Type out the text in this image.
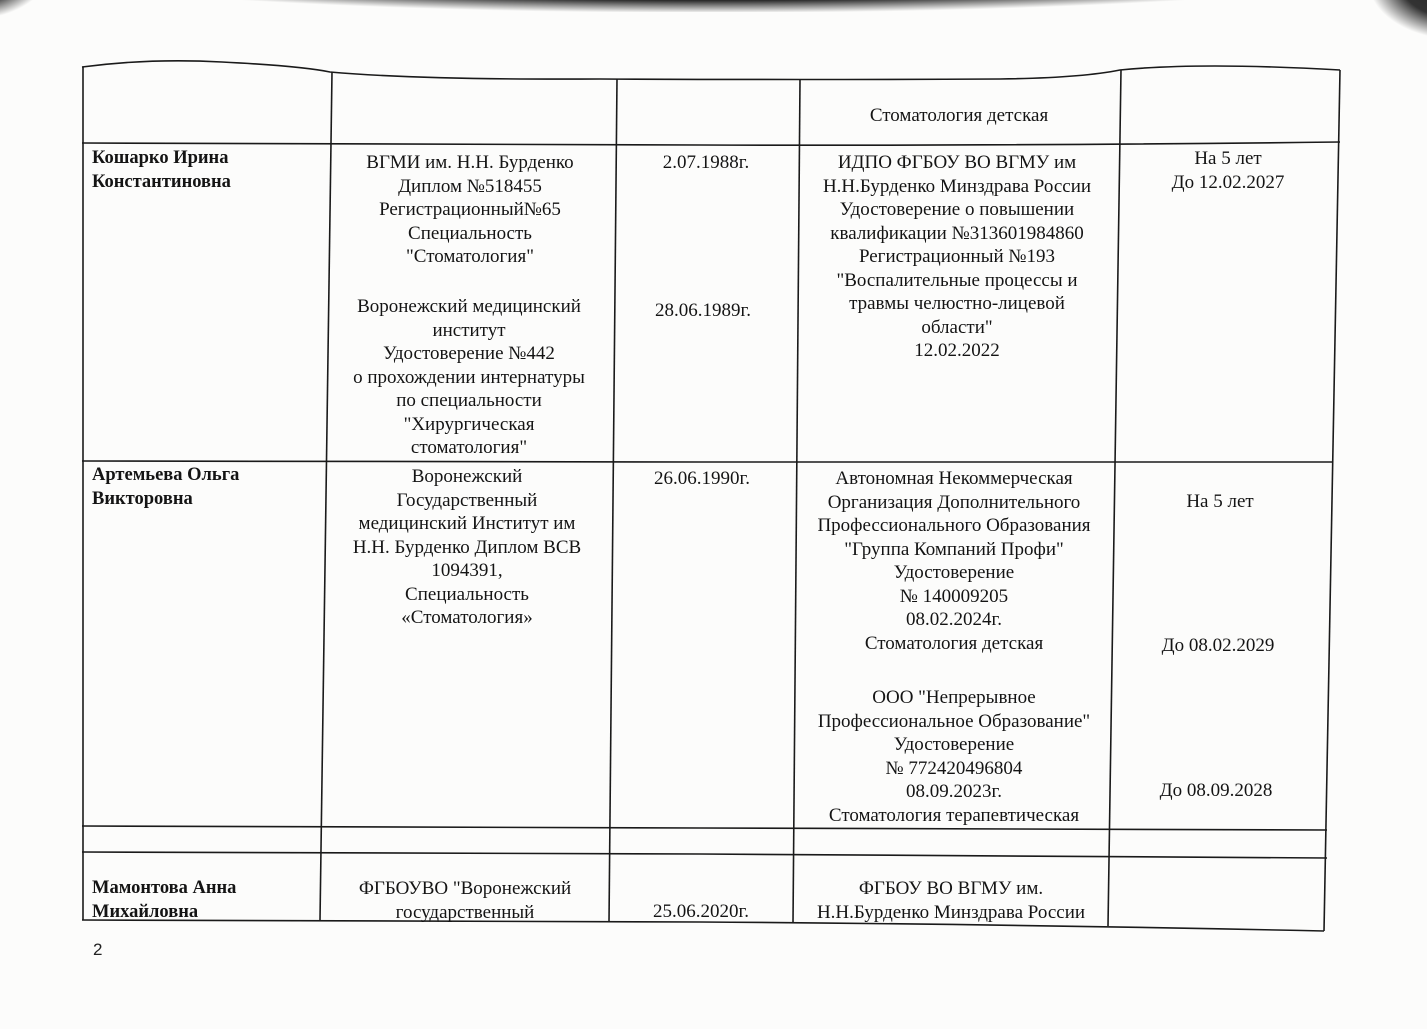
Стоматология детская
Кошарко Ирина
Константиновна
ВГМИ им. Н.Н. Бурденко
Диплом №518455
Регистрационный№65
Специальность
"Стоматология"
Воронежский медицинский
институт
Удостоверение №442
о прохождении интернатуры
по специальности
"Хирургическая
стоматология"
2.07.1988г.
28.06.1989г.
ИДПО ФГБОУ ВО ВГМУ им
Н.Н.Бурденко Минздрава России
Удостоверение о повышении
квалификации №313601984860
Регистрационный №193
"Воспалительные процессы и
травмы челюстно-лицевой
области"
12.02.2022
На 5 лет
До 12.02.2027
Артемьева Ольга
Викторовна
Воронежский
Государственный
медицинский Институт им
Н.Н. Бурденко Диплом ВСВ
1094391,
Специальность
«Стоматология»
26.06.1990г.	Автономная Некоммерческая
Организация Дополнительного
Профессионального Образования
"Группа Компаний Профи"
Удостоверение
№ 140009205
08.02.2024г.
Стоматология детская
ООО "Непрерывное
Профессиональное Образование"
Удостоверение
№ 772420496804
08.09.2023г.
Стоматология терапевтическая
На 5 лет
До 08.02.2029
До 08.09.2028
Мамонтова Анна
Михайловна
ФГБОУВО "Воронежский
государственный	25.06.2020г.
ФГБОУ ВО ВГМУ им.
Н.Н.Бурденко Минздрава России
2
